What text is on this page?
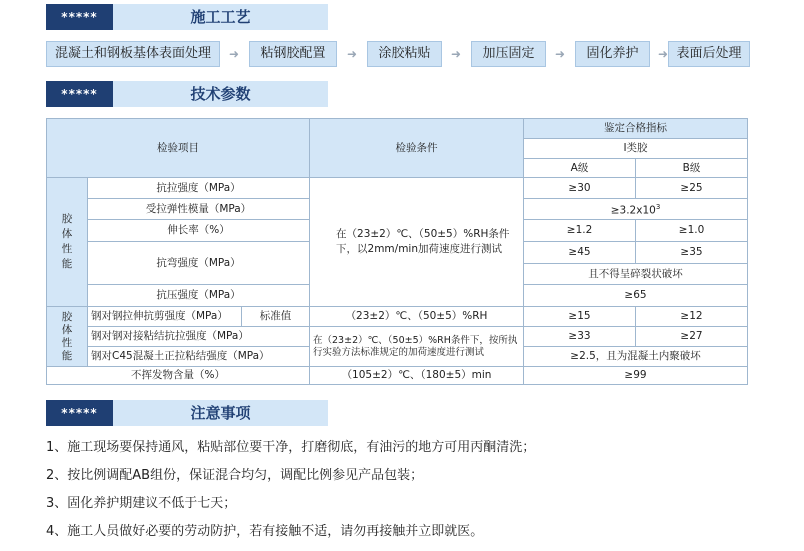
*****	施工工艺
混凝土和钢板基体表面处理	➜	粘钢胶配置	➜	涂胶粘贴	➜	加压固定	➜	固化养护	➜ 表面后处理
*****	技术参数
检验项目			检验条件	鉴定合格指标	
				I类胶	
				A级	B级

胶体性能	抗拉强度（MPa）		在（23±2）℃、（50±5）%RH条件下，以2mm/min加荷速度进行测试	≥30	≥25
	受拉弹性模量（MPa）			$\ge 3.2x10^3$
	伸长率（%）			≥1.2	≥1.0
	抗弯强度（MPa）			≥45	≥35
				且不得呈碎裂状破坏	
	抗压强度（MPa）			≥65	

胶体性能	钢对钢拉伸抗剪强度（MPa）	标准值	（23±2）℃、（50±5）%RH	≥15	≥12
	钢对钢对接粘结抗拉强度（MPa）		在（23±2）℃、（50±5）%RH条件下，按所执行实验方法标准规定的加荷速度进行测试	≥33	≥27
	钢对C45混凝土正拉粘结强度（MPa）			≥2.5，且为混凝土内聚破坏	
不挥发物含量（%）			（105±2）℃、（180±5）min	≥99	
*****	注意事项
1、施工现场要保持通风，粘贴部位要干净，打磨彻底，有油污的地方可用丙酮清洗；
2、按比例调配AB组份，保证混合均匀，调配比例参见产品包装；
3、固化养护期建议不低于七天；
4、施工人员做好必要的劳动防护，若有接触不适，请勿再接触并立即就医。
